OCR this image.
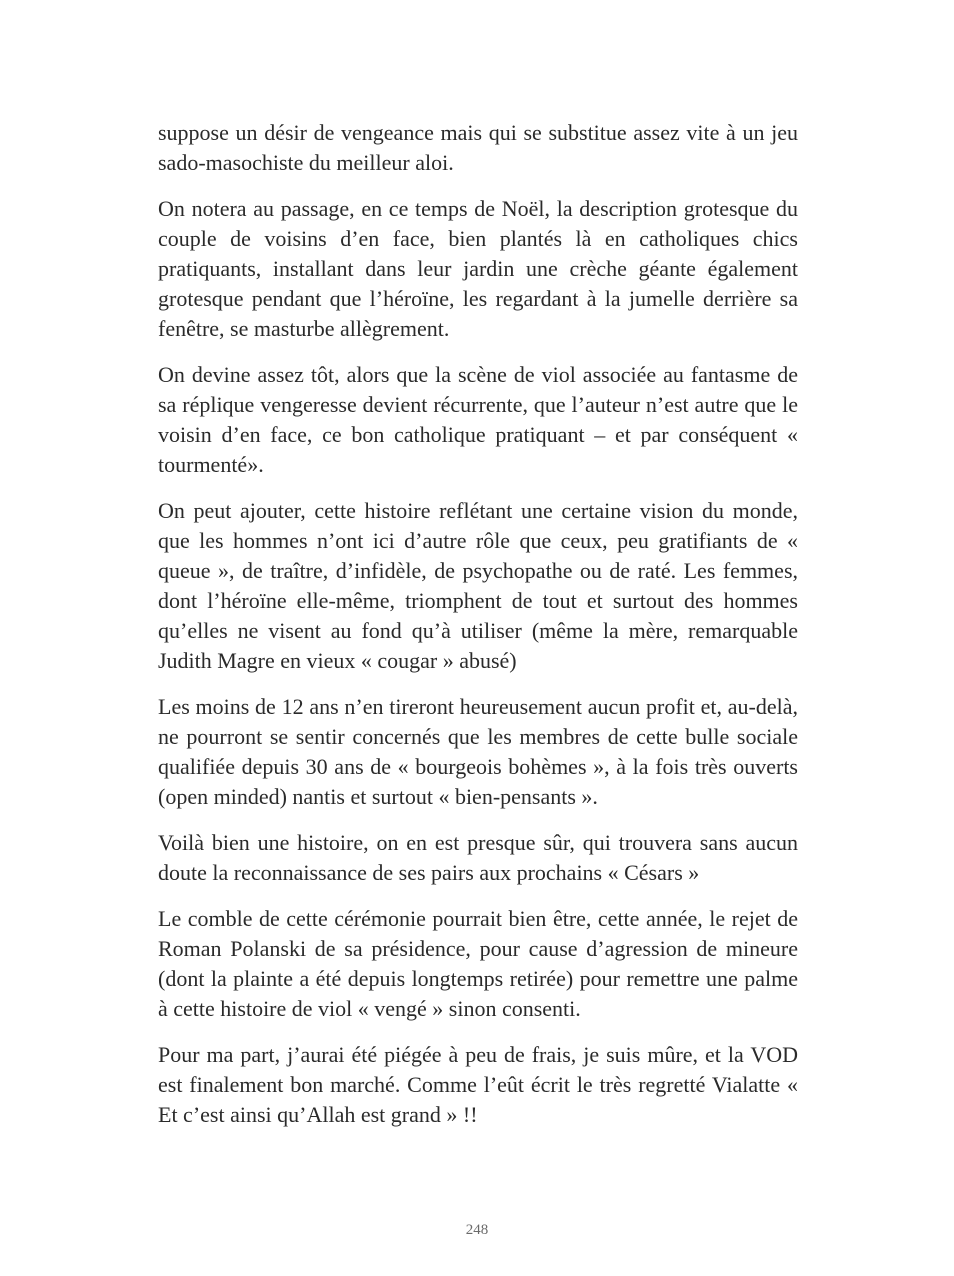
suppose un désir de vengeance mais qui se substitue assez vite à un jeu sado-masochiste du meilleur aloi.

On notera au passage, en ce temps de Noël, la description grotesque du couple de voisins d’en face, bien plantés là en catholiques chics pratiquants, installant dans leur jardin une crèche géante également grotesque pendant que l’héroïne, les regardant à la jumelle derrière sa fenêtre, se masturbe allègrement.

On devine assez tôt, alors que la scène de viol associée au fantasme de sa réplique vengeresse devient récurrente, que l’auteur n’est autre que le voisin d’en face, ce bon catholique pratiquant – et par conséquent « tourmenté».

On peut ajouter, cette histoire reflétant une certaine vision du monde, que les hommes n’ont ici d’autre rôle que ceux, peu gratifiants de « queue », de traître, d’infidèle, de psychopathe ou de raté. Les femmes, dont l’héroïne elle-même, triomphent de tout et surtout des hommes qu’elles ne visent au fond qu’à utiliser (même la mère, remarquable Judith Magre en vieux « cougar » abusé)

Les moins de 12 ans n’en tireront heureusement aucun profit et, au-delà, ne pourront se sentir concernés que les membres de cette bulle sociale qualifiée depuis 30 ans de « bourgeois bohèmes », à la fois très ouverts (open minded) nantis et surtout « bien-pensants ».

Voilà bien une histoire, on en est presque sûr, qui trouvera sans aucun doute la reconnaissance de ses pairs aux prochains « Césars »

Le comble de cette cérémonie pourrait bien être, cette année, le rejet de Roman Polanski de sa présidence, pour cause d’agression de mineure (dont la plainte a été depuis longtemps retirée) pour remettre une palme à cette histoire de viol « vengé » sinon consenti.

Pour ma part, j’aurai été piégée à peu de frais, je suis mûre, et la VOD est finalement bon marché. Comme l’eût écrit le très regretté Vialatte « Et c’est ainsi qu’Allah est grand » !!

248
